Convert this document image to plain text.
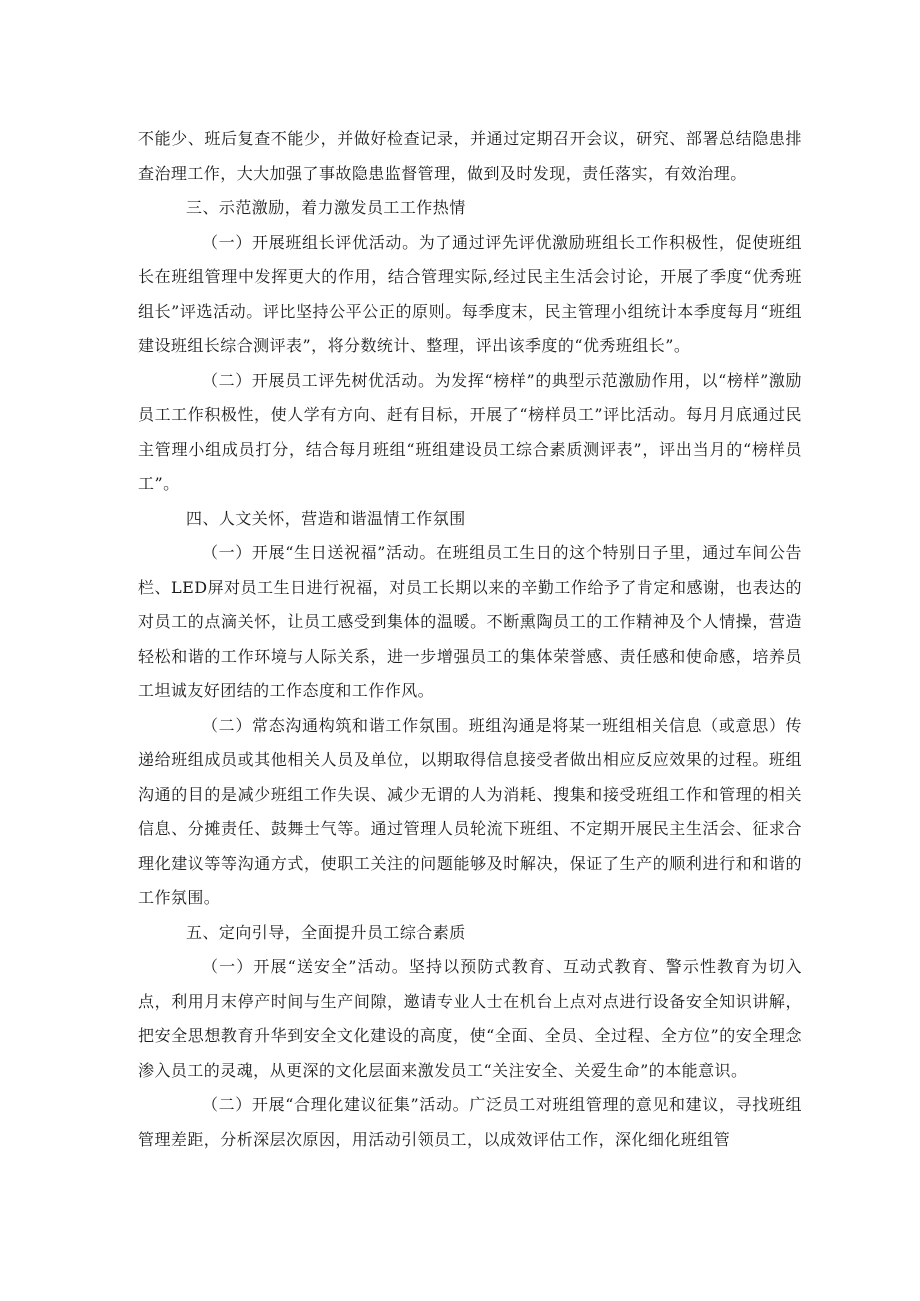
不能少、班后复查不能少，并做好检查记录，并通过定期召开会议，研究、部署总结隐患排查治理工作，大大加强了事故隐患监督管理，做到及时发现，责任落实，有效治理。

三、示范激励，着力激发员工工作热情

（一）开展班组长评优活动。为了通过评先评优激励班组长工作积极性，促使班组长在班组管理中发挥更大的作用，结合管理实际,经过民主生活会讨论，开展了季度“优秀班组长”评选活动。评比坚持公平公正的原则。每季度末，民主管理小组统计本季度每月“班组建设班组长综合测评表”，将分数统计、整理，评出该季度的“优秀班组长”。

（二）开展员工评先树优活动。为发挥“榜样”的典型示范激励作用，以“榜样”激励员工工作积极性，使人学有方向、赶有目标，开展了“榜样员工”评比活动。每月月底通过民主管理小组成员打分，结合每月班组“班组建设员工综合素质测评表”，评出当月的“榜样员工”。

四、人文关怀，营造和谐温情工作氛围

（一）开展“生日送祝福”活动。在班组员工生日的这个特别日子里，通过车间公告栏、LED屏对员工生日进行祝福，对员工长期以来的辛勤工作给予了肯定和感谢，也表达的对员工的点滴关怀，让员工感受到集体的温暖。不断熏陶员工的工作精神及个人情操，营造轻松和谐的工作环境与人际关系，进一步增强员工的集体荣誉感、责任感和使命感，培养员工坦诚友好团结的工作态度和工作作风。

（二）常态沟通构筑和谐工作氛围。班组沟通是将某一班组相关信息（或意思）传递给班组成员或其他相关人员及单位，以期取得信息接受者做出相应反应效果的过程。班组沟通的目的是减少班组工作失误、减少无谓的人为消耗、搜集和接受班组工作和管理的相关信息、分摊责任、鼓舞士气等。通过管理人员轮流下班组、不定期开展民主生活会、征求合理化建议等等沟通方式，使职工关注的问题能够及时解决，保证了生产的顺利进行和和谐的工作氛围。

五、定向引导，全面提升员工综合素质

（一）开展“送安全”活动。坚持以预防式教育、互动式教育、警示性教育为切入点，利用月末停产时间与生产间隙，邀请专业人士在机台上点对点进行设备安全知识讲解，把安全思想教育升华到安全文化建设的高度，使“全面、全员、全过程、全方位”的安全理念渗入员工的灵魂，从更深的文化层面来激发员工“关注安全、关爱生命”的本能意识。

（二）开展“合理化建议征集”活动。广泛员工对班组管理的意见和建议，寻找班组管理差距，分析深层次原因，用活动引领员工，以成效评估工作，深化细化班组管
